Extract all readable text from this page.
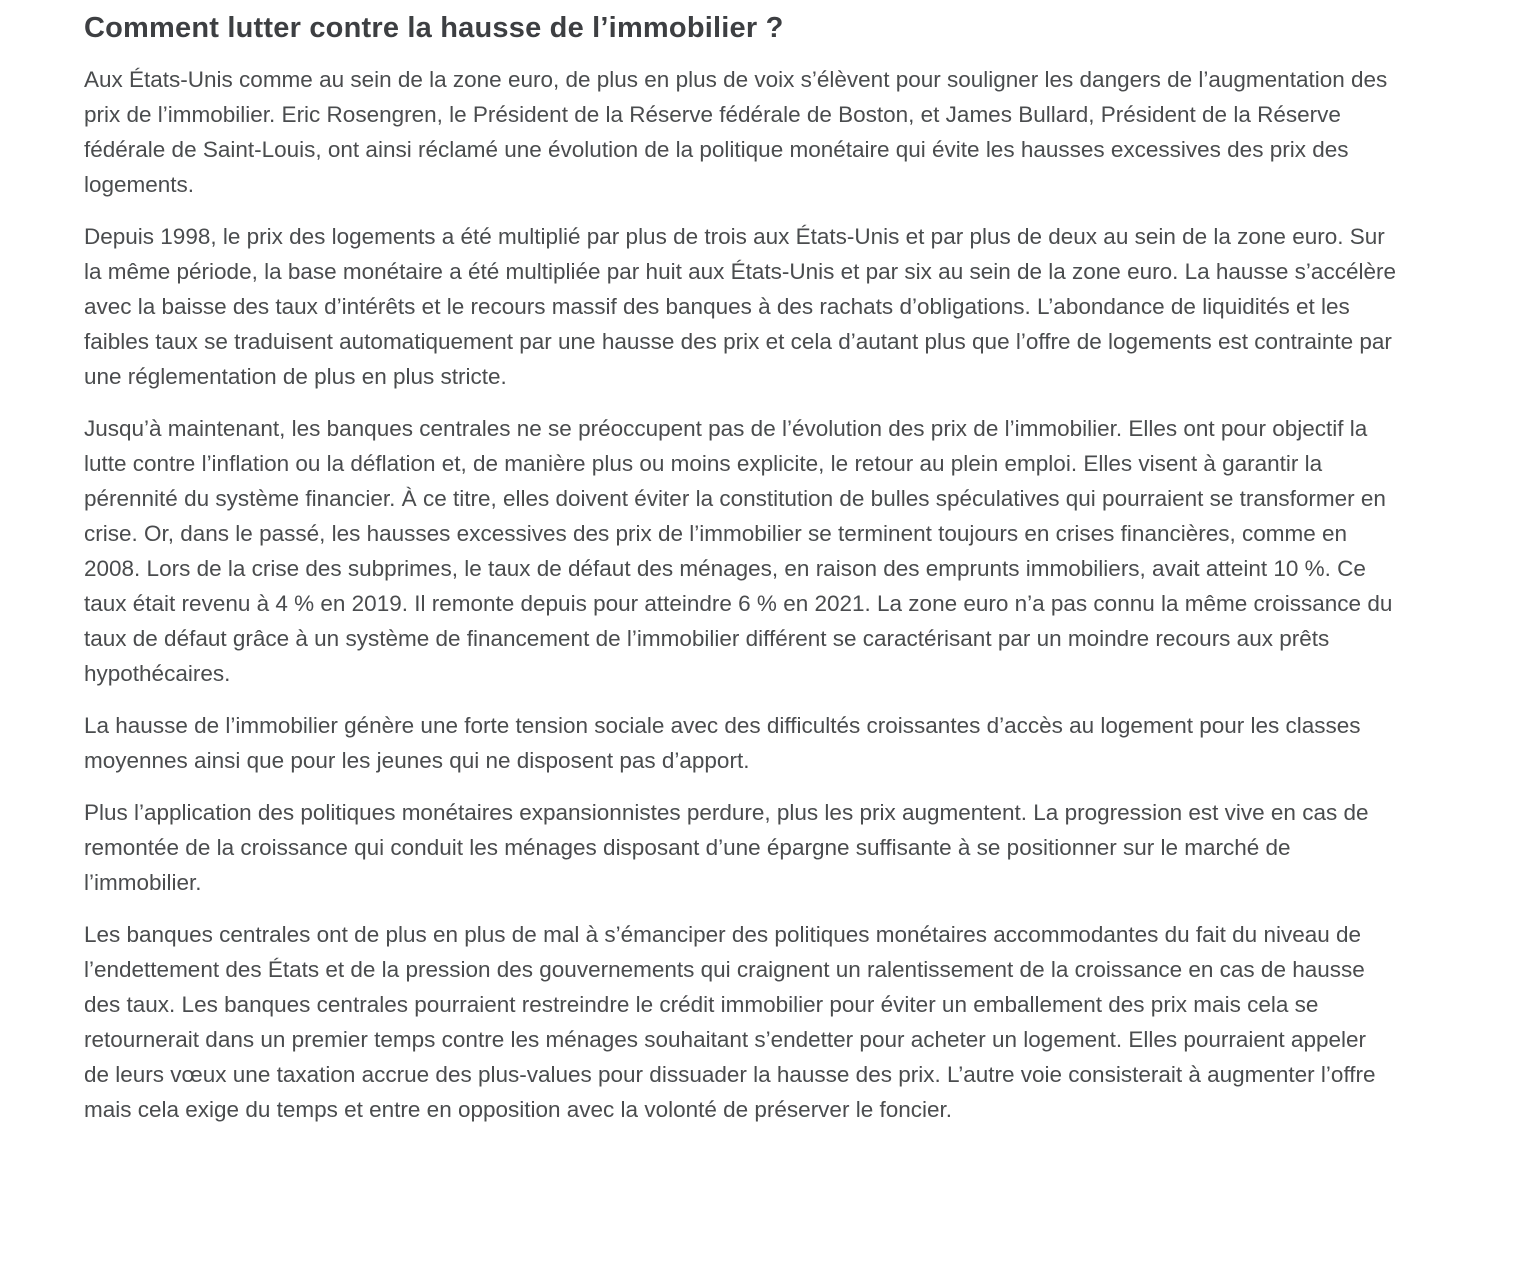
Comment lutter contre la hausse de l’immobilier ?

Aux États-Unis comme au sein de la zone euro, de plus en plus de voix s’élèvent pour souligner les dangers de l’augmentation des prix de l’immobilier. Eric Rosengren, le Président de la Réserve fédérale de Boston, et James Bullard, Président de la Réserve fédérale de Saint-Louis, ont ainsi réclamé une évolution de la politique monétaire qui évite les hausses excessives des prix des logements.

Depuis 1998, le prix des logements a été multiplié par plus de trois aux États-Unis et par plus de deux au sein de la zone euro. Sur la même période, la base monétaire a été multipliée par huit aux États-Unis et par six au sein de la zone euro. La hausse s’accélère avec la baisse des taux d’intérêts et le recours massif des banques à des rachats d’obligations. L’abondance de liquidités et les faibles taux se traduisent automatiquement par une hausse des prix et cela d’autant plus que l’offre de logements est contrainte par une réglementation de plus en plus stricte.

Jusqu’à maintenant, les banques centrales ne se préoccupent pas de l’évolution des prix de l’immobilier. Elles ont pour objectif la lutte contre l’inflation ou la déflation et, de manière plus ou moins explicite, le retour au plein emploi. Elles visent à garantir la pérennité du système financier. À ce titre, elles doivent éviter la constitution de bulles spéculatives qui pourraient se transformer en crise. Or, dans le passé, les hausses excessives des prix de l’immobilier se terminent toujours en crises financières, comme en 2008. Lors de la crise des subprimes, le taux de défaut des ménages, en raison des emprunts immobiliers, avait atteint 10 %. Ce taux était revenu à 4 % en 2019. Il remonte depuis pour atteindre 6 % en 2021. La zone euro n’a pas connu la même croissance du taux de défaut grâce à un système de financement de l’immobilier différent se caractérisant par un moindre recours aux prêts hypothécaires.

La hausse de l’immobilier génère une forte tension sociale avec des difficultés croissantes d’accès au logement pour les classes moyennes ainsi que pour les jeunes qui ne disposent pas d’apport.

Plus l’application des politiques monétaires expansionnistes perdure, plus les prix augmentent. La progression est vive en cas de remontée de la croissance qui conduit les ménages disposant d’une épargne suffisante à se positionner sur le marché de l’immobilier.

Les banques centrales ont de plus en plus de mal à s’émanciper des politiques monétaires accommodantes du fait du niveau de l’endettement des États et de la pression des gouvernements qui craignent un ralentissement de la croissance en cas de hausse des taux. Les banques centrales pourraient restreindre le crédit immobilier pour éviter un emballement des prix mais cela se retournerait dans un premier temps contre les ménages souhaitant s’endetter pour acheter un logement. Elles pourraient appeler de leurs vœux une taxation accrue des plus-values pour dissuader la hausse des prix. L’autre voie consisterait à augmenter l’offre mais cela exige du temps et entre en opposition avec la volonté de préserver le foncier.
